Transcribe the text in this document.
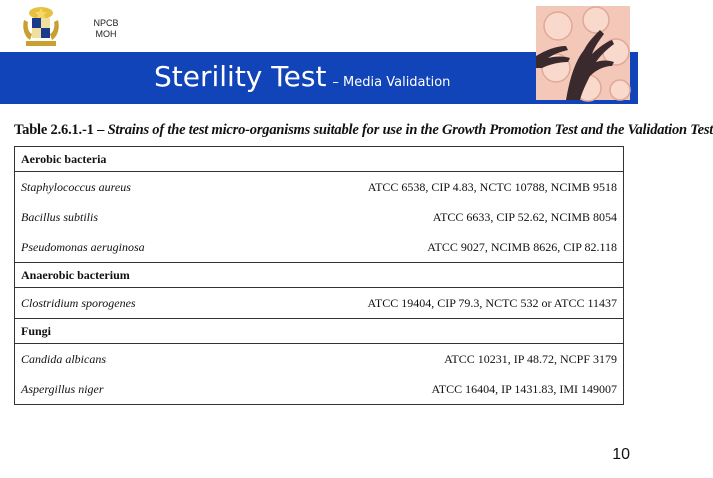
NPCB
MOH
Sterility Test – Media Validation
Table 2.6.1.-1 – Strains of the test micro-organisms suitable for use in the Growth Promotion Test and the Validation Test
Aerobic bacteria	
Staphylococcus aureus	ATCC 6538, CIP 4.83, NCTC 10788, NCIMB 9518
Bacillus subtilis	ATCC 6633, CIP 52.62, NCIMB 8054
Pseudomonas aeruginosa	ATCC 9027, NCIMB 8626, CIP 82.118
Anaerobic bacterium	
Clostridium sporogenes	ATCC 19404, CIP 79.3, NCTC 532 or ATCC 11437
Fungi	
Candida albicans	ATCC 10231, IP 48.72, NCPF 3179
Aspergillus niger	ATCC 16404, IP 1431.83, IMI 149007
10
